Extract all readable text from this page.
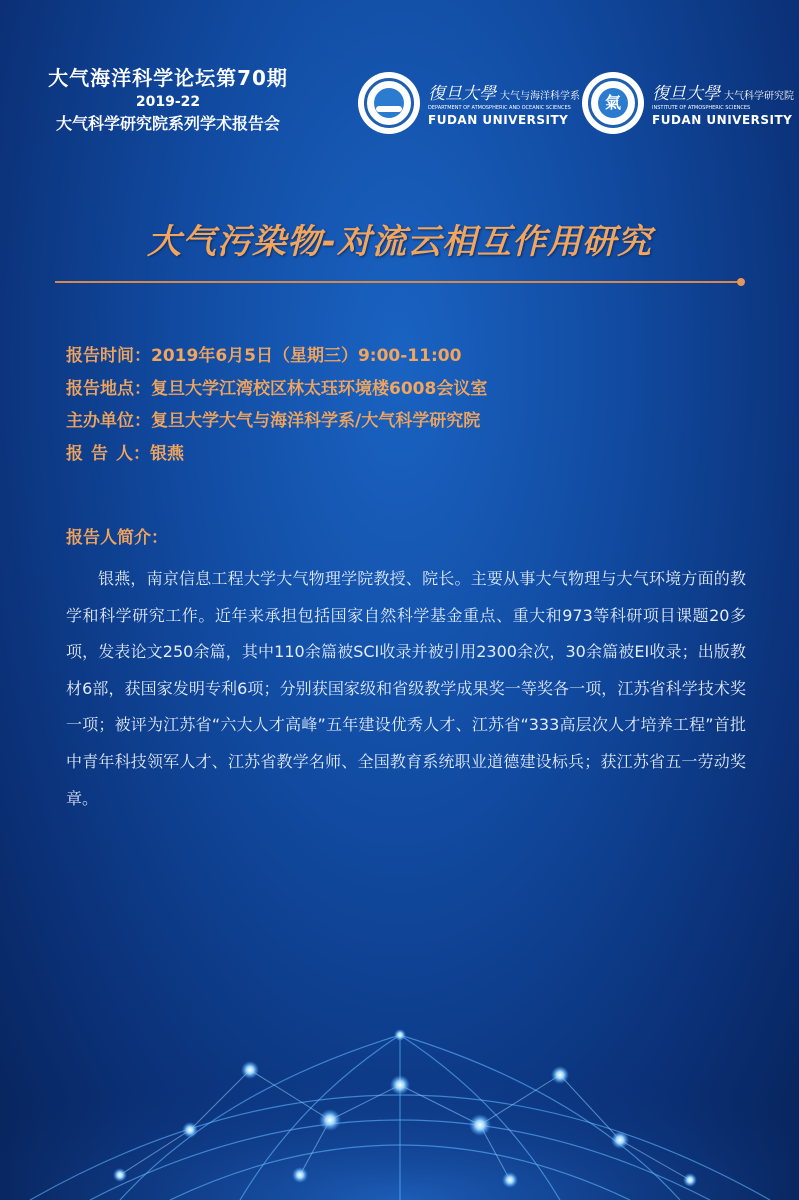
大气海洋科学论坛第70期
2019-22
大气科学研究院系列学术报告会
復旦大學 大气与海洋科学系
DEPARTMENT OF ATMOSPHERIC AND OCEANIC SCIENCES
FUDAN UNIVERSITY
氣 復旦大學 大气科学研究院
INSTITUTE OF ATMOSPHERIC SCIENCES
FUDAN UNIVERSITY
大气污染物-对流云相互作用研究
报告时间：2019年6月5日（星期三）9:00-11:00
报告地点：复旦大学江湾校区林太珏环境楼6008会议室
主办单位：复旦大学大气与海洋科学系/大气科学研究院
报 告 人：银燕
报告人简介：
银燕，南京信息工程大学大气物理学院教授、院长。主要从事大气物理与大气环境方面的教学和科学研究工作。近年来承担包括国家自然科学基金重点、重大和973等科研项目课题20多项，发表论文250余篇，其中110余篇被SCI收录并被引用2300余次，30余篇被EI收录；出版教材6部，获国家发明专利6项；分别获国家级和省级教学成果奖一等奖各一项，江苏省科学技术奖一项；被评为江苏省“六大人才高峰”五年建设优秀人才、江苏省“333高层次人才培养工程”首批中青年科技领军人才、江苏省教学名师、全国教育系统职业道德建设标兵；获江苏省五一劳动奖章。
